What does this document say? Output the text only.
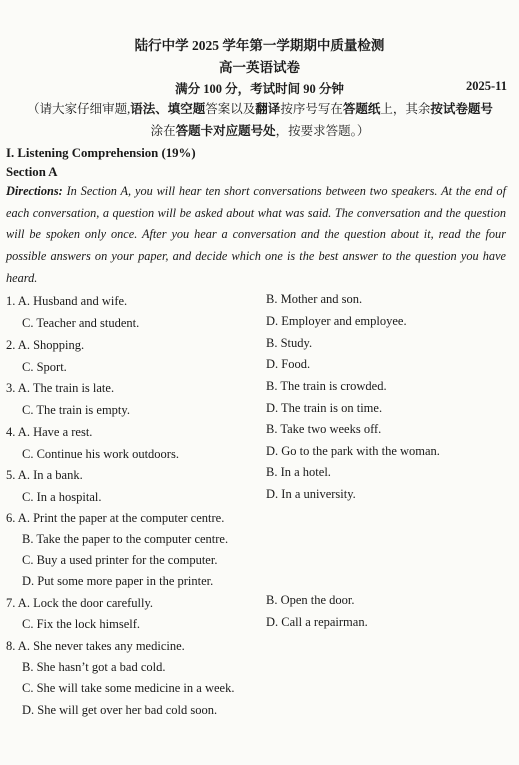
陆行中学 2025 学年第一学期期中质量检测
高一英语试卷
满分 100 分，考试时间 90 分钟	2025-11
（请大家仔细审题,语法、填空题答案以及翻译按序号写在答题纸上，其余按试卷题号
涂在答题卡对应题号处，按要求答题。）
I. Listening Comprehension (19%)
Section A
Directions: In Section A, you will hear ten short conversations between two speakers. At the end of each conversation, a question will be asked about what was said. The conversation and the question will be spoken only once. After you hear a conversation and the question about it, read the four possible answers on your paper, and decide which one is the best answer to the question you have heard.
1. A. Husband and wife.	B. Mother and son.
C. Teacher and student.	D. Employer and employee.
2. A. Shopping.	B. Study.
C. Sport.	D. Food.
3. A. The train is late.	B. The train is crowded.
C. The train is empty.	D. The train is on time.
4. A. Have a rest.	B. Take two weeks off.
C. Continue his work outdoors.	D. Go to the park with the woman.
5. A. In a bank.	B. In a hotel.
C. In a hospital.	D. In a university.
6. A. Print the paper at the computer centre.
B. Take the paper to the computer centre.
C. Buy a used printer for the computer.
D. Put some more paper in the printer.
7. A. Lock the door carefully.	B. Open the door.
C. Fix the lock himself.	D. Call a repairman.
8. A. She never takes any medicine.
B. She hasn’t got a bad cold.
C. She will take some medicine in a week.
D. She will get over her bad cold soon.
